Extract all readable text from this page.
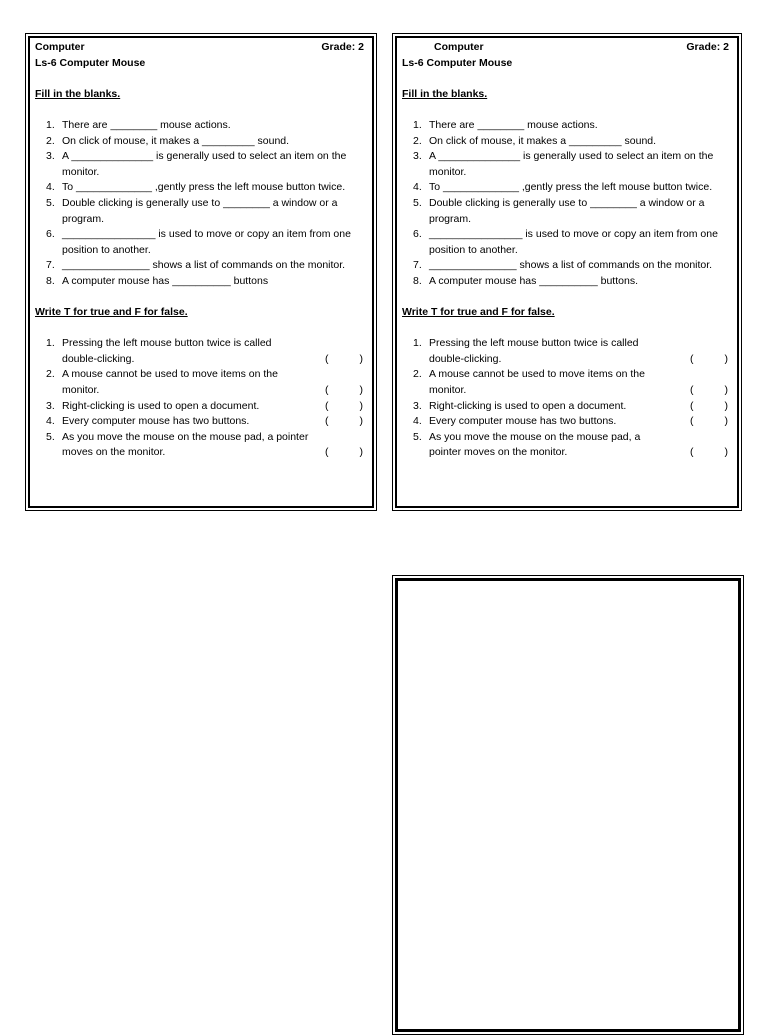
Computer	Grade: 2
Ls-6 Computer Mouse
Fill in the blanks.
1. There are ________ mouse actions.
2. On click of mouse, it makes a _________ sound.
3. A ______________ is generally used to select an item on the monitor.
4. To _____________ ,gently press the left mouse button twice.
5. Double clicking is generally use to ________ a window or a program.
6. ________________ is used to move or copy an item from one position to another.
7. _______________ shows a list of commands on the monitor.
8. A computer mouse has __________ buttons
Write T for true and F for false.
1. Pressing the left mouse button twice is called double-clicking.	(	)
2. A mouse cannot be used to move items on the monitor.	(	)
3. Right-clicking is used to open a document.	(	)
4. Every computer mouse has two buttons.	(	)
5. As you move the mouse on the mouse pad, a pointer moves on the monitor.	(	)
Computer	Grade: 2
Ls-6 Computer Mouse
Fill in the blanks.
1. There are ________ mouse actions.
2. On click of mouse, it makes a _________ sound.
3. A ______________ is generally used to select an item on the monitor.
4. To _____________ ,gently press the left mouse button twice.
5. Double clicking is generally use to ________ a window or a program.
6. ________________ is used to move or copy an item from one position to another.
7. _______________ shows a list of commands on the monitor.
8. A computer mouse has __________ buttons.
Write T for true and F for false.
1. Pressing the left mouse button twice is called double-clicking.	(	)
2. A mouse cannot be used to move items on the monitor.	(	)
3. Right-clicking is used to open a document.	(	)
4. Every computer mouse has two buttons.	(	)
5. As you move the mouse on the mouse pad, a pointer moves on the monitor.	(	)
